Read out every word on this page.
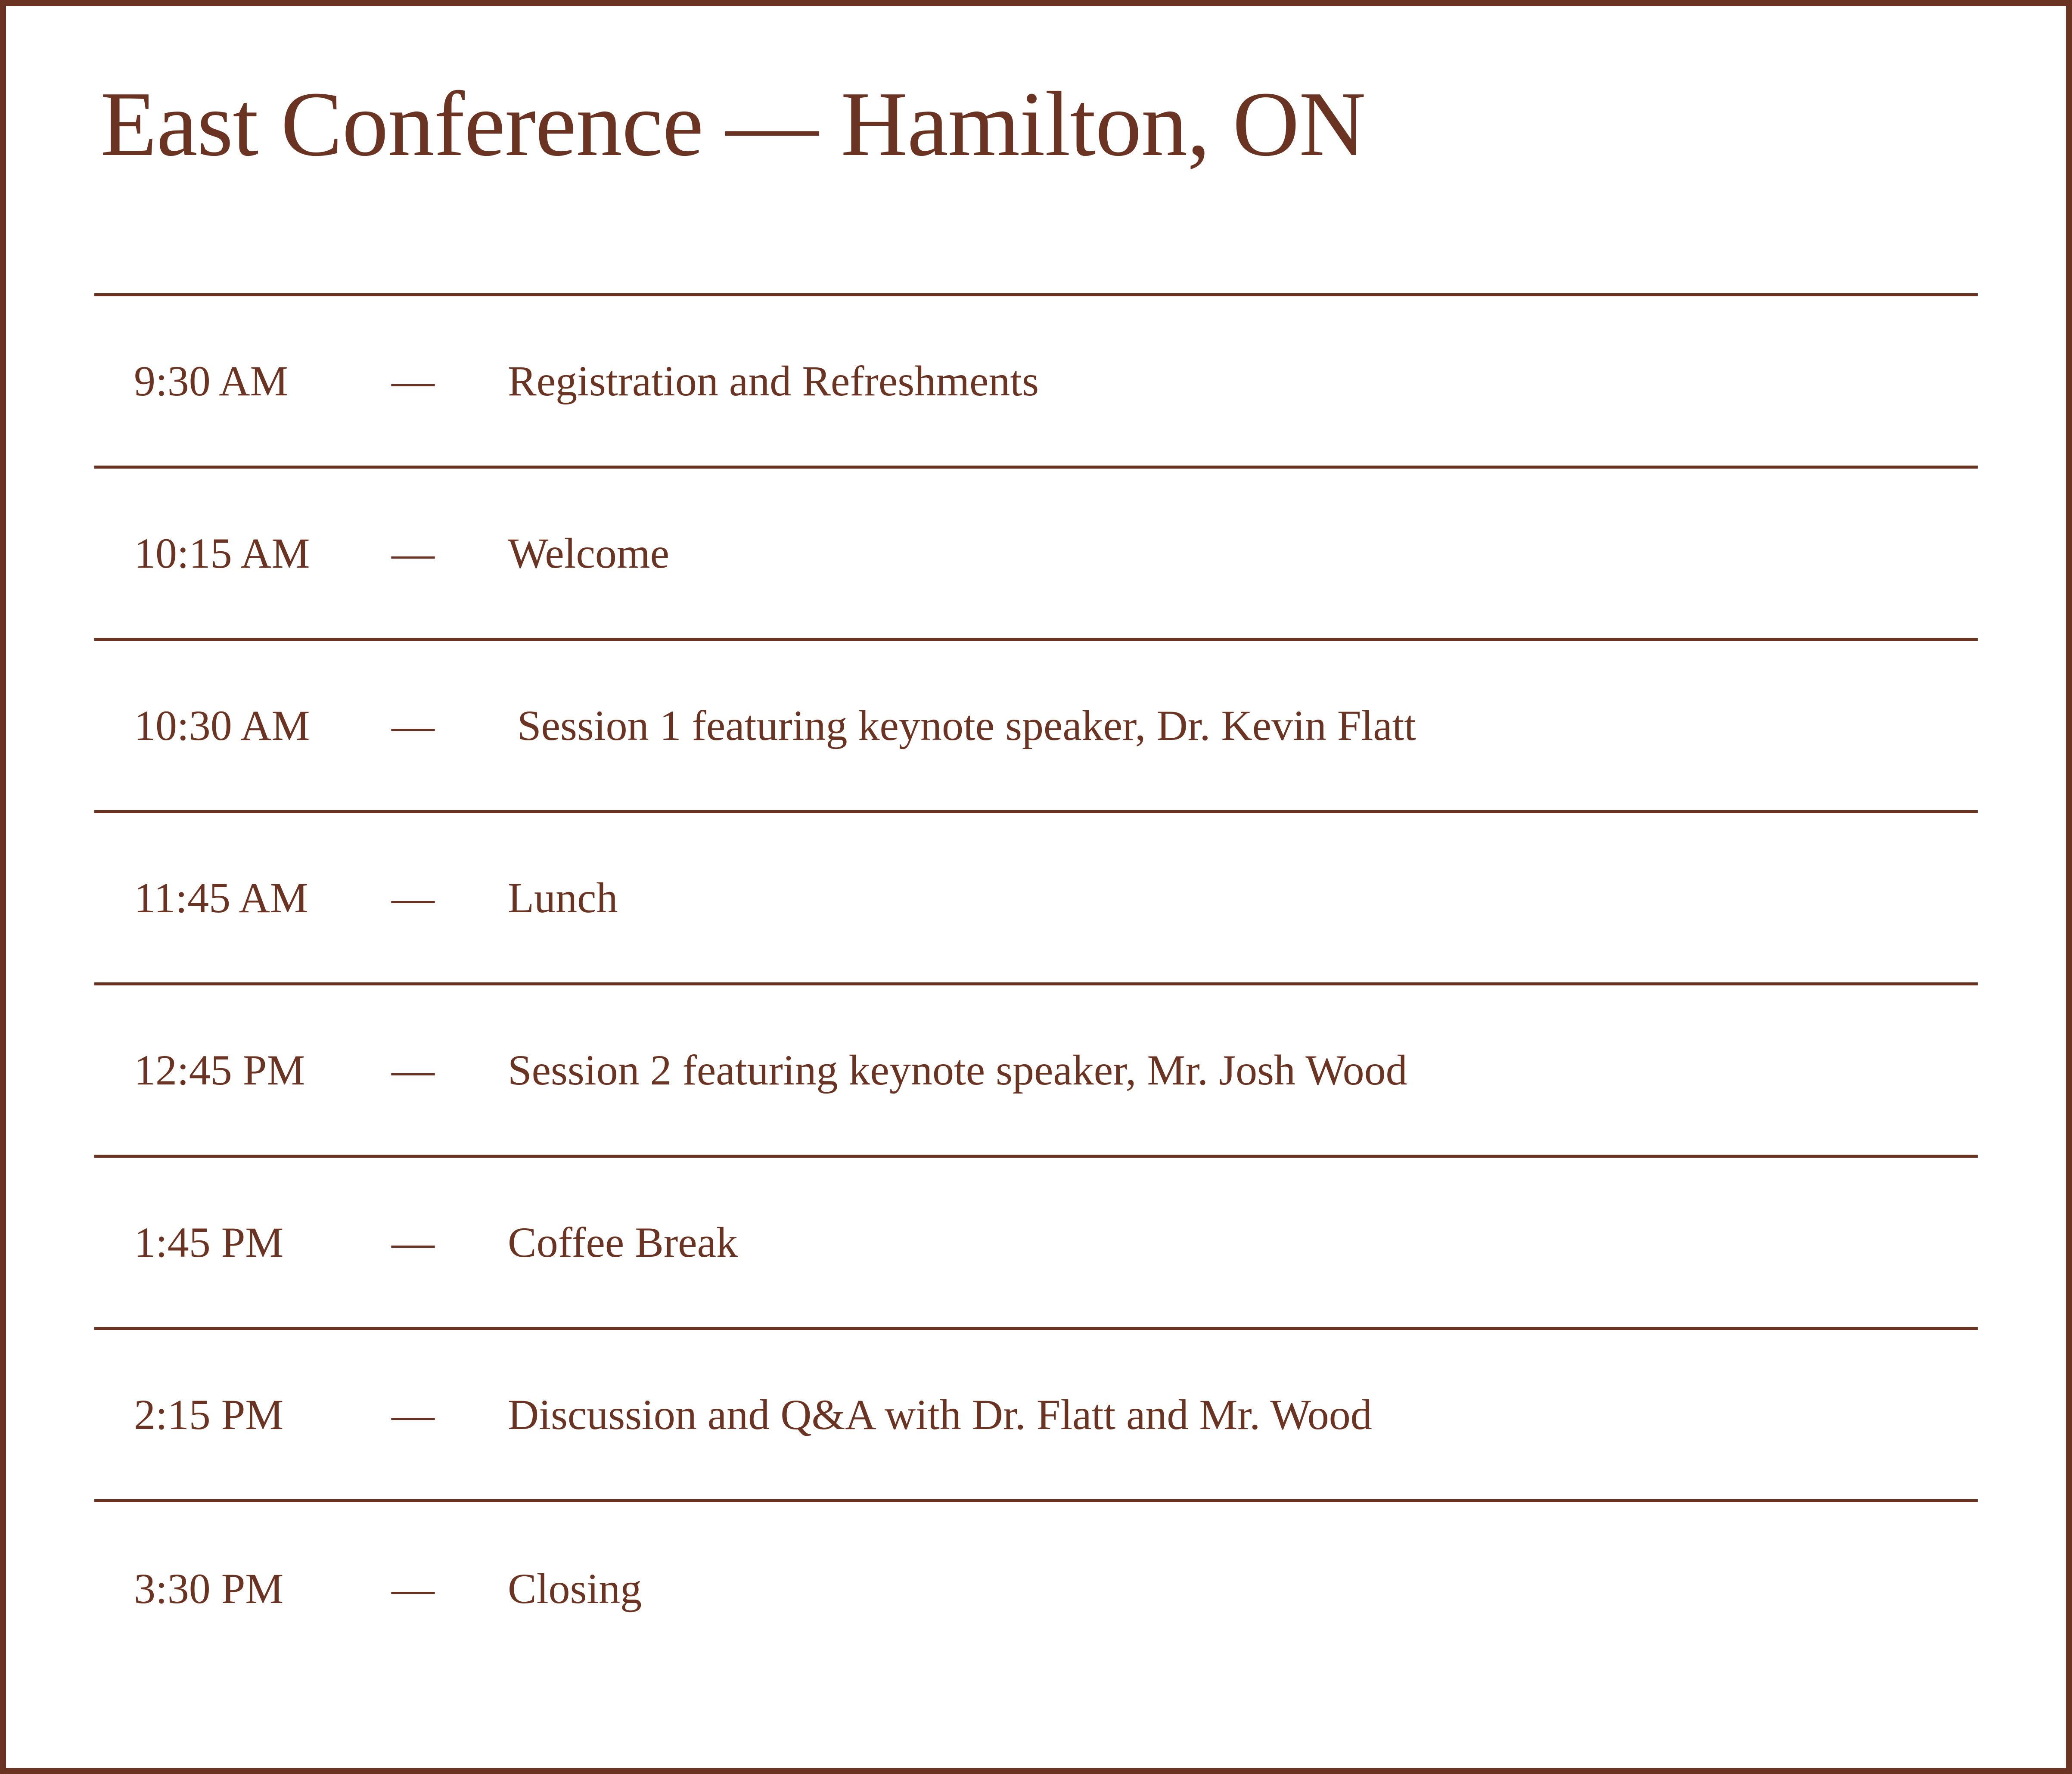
East Conference — Hamilton, ON
9:30 AM	—	Registration and Refreshments
10:15 AM	—	Welcome
10:30 AM	—	Session 1 featuring keynote speaker, Dr. Kevin Flatt
11:45 AM	—	Lunch
12:45 PM	—	Session 2 featuring keynote speaker, Mr. Josh Wood
1:45 PM	—	Coffee Break
2:15 PM	—	Discussion and Q&A with Dr. Flatt and Mr. Wood
3:30 PM	—	Closing
